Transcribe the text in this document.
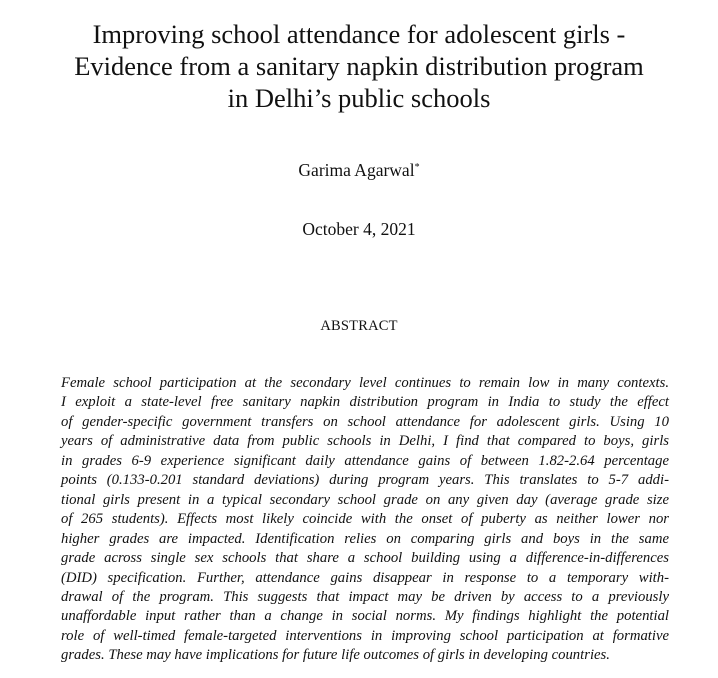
Improving school attendance for adolescent girls -
Evidence from a sanitary napkin distribution program
in Delhi’s public schools
Garima Agarwal*
October 4, 2021
ABSTRACT
Female school participation at the secondary level continues to remain low in many contexts.
I exploit a state-level free sanitary napkin distribution program in India to study the effect
of gender-specific government transfers on school attendance for adolescent girls. Using 10
years of administrative data from public schools in Delhi, I find that compared to boys, girls
in grades 6-9 experience significant daily attendance gains of between 1.82-2.64 percentage
points (0.133-0.201 standard deviations) during program years. This translates to 5-7 addi-
tional girls present in a typical secondary school grade on any given day (average grade size
of 265 students). Effects most likely coincide with the onset of puberty as neither lower nor
higher grades are impacted. Identification relies on comparing girls and boys in the same
grade across single sex schools that share a school building using a difference-in-differences
(DID) specification. Further, attendance gains disappear in response to a temporary with-
drawal of the program. This suggests that impact may be driven by access to a previously
unaffordable input rather than a change in social norms. My findings highlight the potential
role of well-timed female-targeted interventions in improving school participation at formative
grades. These may have implications for future life outcomes of girls in developing countries.
